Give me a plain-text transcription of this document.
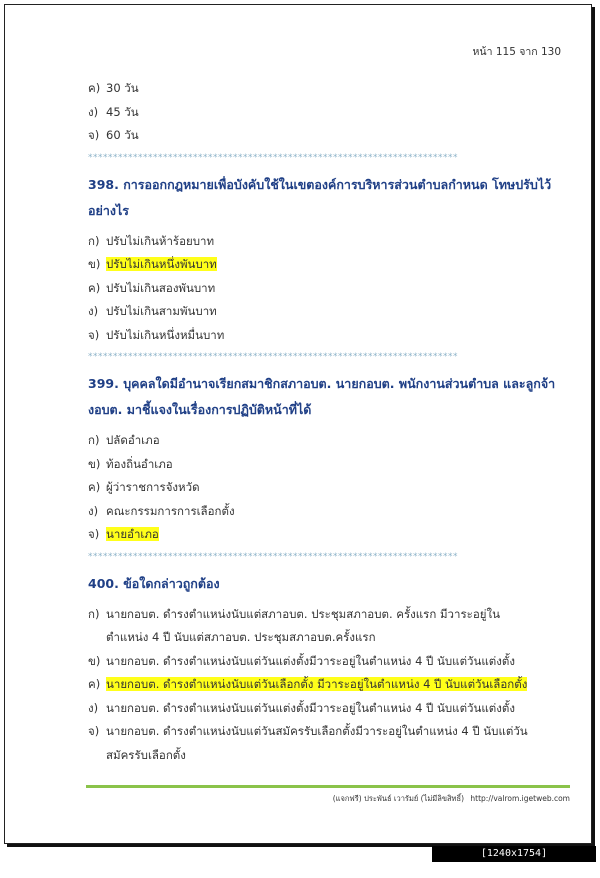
หน้า 115 จาก 130
ค) 30 วัน
ง) 45 วัน
จ) 60 วัน
**************************************************************************
398. การออกกฎหมายเพื่อบังคับใช้ในเขตองค์การบริหารส่วนตำบลกำหนด โทษปรับไว้อย่างไร
ก) ปรับไม่เกินห้าร้อยบาท
ข) ปรับไม่เกินหนึ่งพันบาท
ค) ปรับไม่เกินสองพันบาท
ง) ปรับไม่เกินสามพันบาท
จ) ปรับไม่เกินหนึ่งหมื่นบาท
**************************************************************************
399. บุคคลใดมีอำนาจเรียกสมาชิกสภาอบต. นายกอบต. พนักงานส่วนตำบล และลูกจ้างอบต. มาชี้แจงในเรื่องการปฏิบัติหน้าที่ได้
ก) ปลัดอำเภอ
ข) ท้องถิ่นอำเภอ
ค) ผู้ว่าราชการจังหวัด
ง) คณะกรรมการการเลือกตั้ง
จ) นายอำเภอ
**************************************************************************
400. ข้อใดกล่าวถูกต้อง
ก) นายกอบต. ดำรงตำแหน่งนับแต่สภาอบต. ประชุมสภาอบต. ครั้งแรก มีวาระอยู่ใน
ตำแหน่ง 4 ปี นับแต่สภาอบต. ประชุมสภาอบต.ครั้งแรก
ข) นายกอบต. ดำรงตำแหน่งนับแต่วันแต่งตั้งมีวาระอยู่ในตำแหน่ง 4 ปี นับแต่วันแต่งตั้ง
ค) นายกอบต. ดำรงตำแหน่งนับแต่วันเลือกตั้ง มีวาระอยู่ในตำแหน่ง 4 ปี นับแต่วันเลือกตั้ง
ง) นายกอบต. ดำรงตำแหน่งนับแต่วันแต่งตั้งมีวาระอยู่ในตำแหน่ง 4 ปี นับแต่วันแต่งตั้ง
จ) นายกอบต. ดำรงตำแหน่งนับแต่วันสมัครรับเลือกตั้งมีวาระอยู่ในตำแหน่ง 4 ปี นับแต่วัน
สมัครรับเลือกตั้ง
(แจกฟรี) ประพันธ์ เวารัมย์ (ไม่มีลิขสิทธิ์) http://valrom.igetweb.com
[1240x1754] https://upic.me/
